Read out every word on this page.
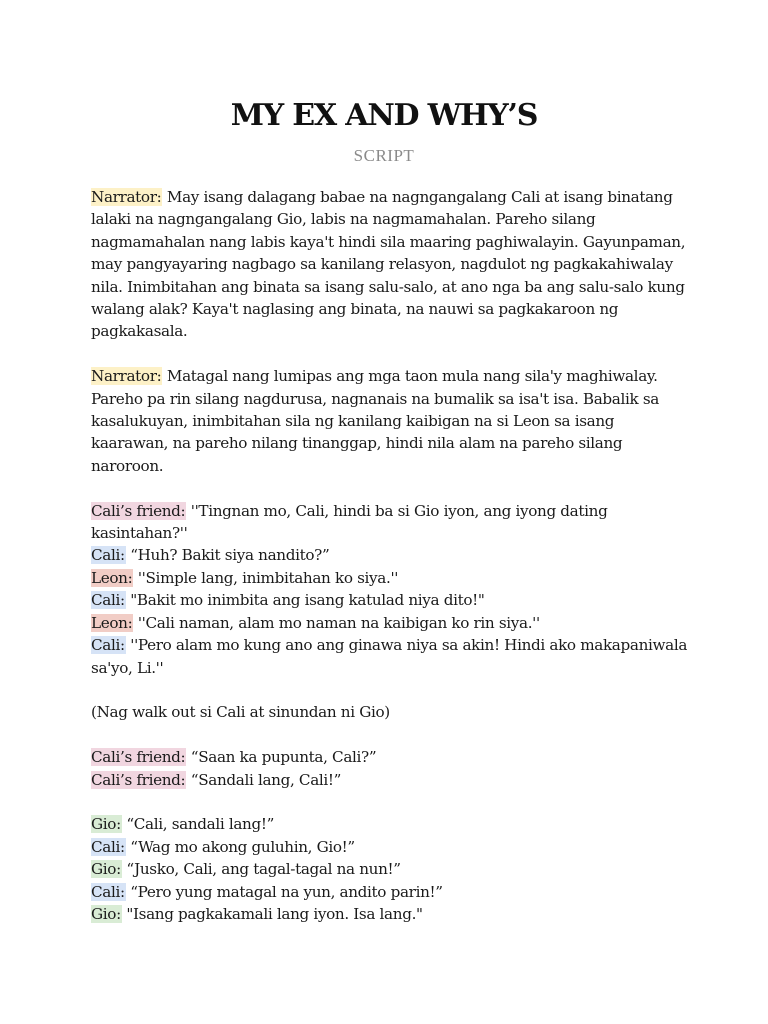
MY EX AND WHY’S
SCRIPT

Narrator: May isang dalagang babae na nagngangalang Cali at isang binatang lalaki na nagngangalang Gio, labis na nagmamahalan. Pareho silang nagmamahalan nang labis kaya't hindi sila maaring paghiwalayin. Gayunpaman, may pangyayaring nagbago sa kanilang relasyon, nagdulot ng pagkakahiwalay nila. Inimbitahan ang binata sa isang salu-salo, at ano nga ba ang salu-salo kung walang alak? Kaya't naglasing ang binata, na nauwi sa pagkakaroon ng pagkakasala.

Narrator: Matagal nang lumipas ang mga taon mula nang sila'y maghiwalay. Pareho pa rin silang nagdurusa, nagnanais na bumalik sa isa't isa. Babalik sa kasalukuyan, inimbitahan sila ng kanilang kaibigan na si Leon sa isang kaarawan, na pareho nilang tinanggap, hindi nila alam na pareho silang naroroon.

Cali’s friend: ''Tingnan mo, Cali, hindi ba si Gio iyon, ang iyong dating kasintahan?''

Cali: “Huh? Bakit siya nandito?”

Leon: ''Simple lang, inimbitahan ko siya.''

Cali: "Bakit mo inimbita ang isang katulad niya dito!"

Leon: ''Cali naman, alam mo naman na kaibigan ko rin siya.''

Cali: ''Pero alam mo kung ano ang ginawa niya sa akin! Hindi ako makapaniwala sa'yo, Li.''

(Nag walk out si Cali at sinundan ni Gio)

Cali’s friend: “Saan ka pupunta, Cali?”

Cali’s friend: “Sandali lang, Cali!”

Gio: “Cali, sandali lang!”

Cali: “Wag mo akong guluhin, Gio!”

Gio: “Jusko, Cali, ang tagal-tagal na nun!”

Cali: “Pero yung matagal na yun, andito parin!”

Gio: "Isang pagkakamali lang iyon. Isa lang."
